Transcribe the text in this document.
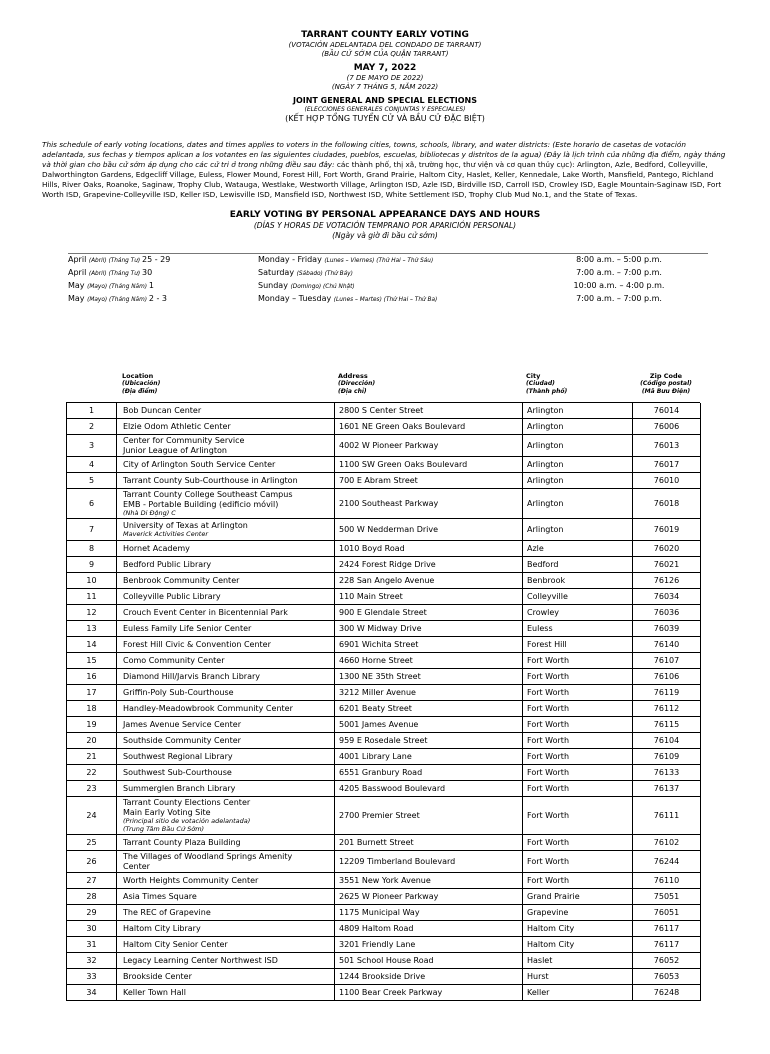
TARRANT COUNTY EARLY VOTING
(VOTACIÓN ADELANTADA DEL CONDADO DE TARRANT)
(BẦU CỬ SỚM CỦA QUẬN TARRANT)
MAY 7, 2022
(7 DE MAYO DE 2022)
(NGÀY 7 THÁNG 5, NĂM 2022)
JOINT GENERAL AND SPECIAL ELECTIONS
(ELECCIONES GENERALES CONJUNTAS Y ESPECIALES)
(KẾT HỢP TỔNG TUYỂN CỬ VÀ BẦU CỬ ĐẶC BIỆT)
This schedule of early voting locations, dates and times applies to voters in the following cities, towns, schools, library, and water districts: (Este horario de casetas de votación adelantada, sus fechas y tiempos aplican a los votantes en las siguientes ciudades, pueblos, escuelas, bibliotecas y distritos de la agua) (Đây là lịch trình của những địa điểm, ngày tháng và thời gian cho bầu cử sớm áp dụng cho các cử tri ở trong những điều sau đây: các thành phố, thị xã, trường học, thư viện và cơ quan thủy cục): Arlington, Azle, Bedford, Colleyville, Dalworthington Gardens, Edgecliff Village, Euless, Flower Mound, Forest Hill, Fort Worth, Grand Prairie, Haltom City, Haslet, Keller, Kennedale, Lake Worth, Mansfield, Pantego, Richland Hills, River Oaks, Roanoke, Saginaw, Trophy Club, Watauga, Westlake, Westworth Village, Arlington ISD, Azle ISD, Birdville ISD, Carroll ISD, Crowley ISD, Eagle Mountain-Saginaw ISD, Fort Worth ISD, Grapevine-Colleyville ISD, Keller ISD, Lewisville ISD, Mansfield ISD, Northwest ISD, White Settlement ISD, Trophy Club Mud No.1, and the State of Texas.
EARLY VOTING BY PERSONAL APPEARANCE DAYS AND HOURS
(DÍAS Y HORAS DE VOTACIÓN TEMPRANO POR APARICIÓN PERSONAL)
(Ngày và giờ đi bầu cử sớm)
April (Abril) (Tháng Tư) 25 - 29	Monday - Friday (Lunes – Viernes) (Thứ Hai – Thứ Sáu)	8:00 a.m. – 5:00 p.m.
April (Abril) (Tháng Tư) 30	Saturday (Sábado) (Thứ Bảy)	7:00 a.m. – 7:00 p.m.
May (Mayo) (Tháng Năm) 1	Sunday (Domingo) (Chủ Nhật)	10:00 a.m. – 4:00 p.m.
May (Mayo) (Tháng Năm) 2 - 3	Monday – Tuesday (Lunes – Martes) (Thứ Hai – Thứ Ba)	7:00 a.m. – 7:00 p.m.
Location
(Ubicación)
(Địa điểm)
Address
(Dirección)
(Địa chỉ)
City
(Ciudad)
(Thành phố)
Zip Code
(Código postal)
(Mã Bưu Điện)
1	Bob Duncan Center	2800 S Center Street	Arlington	76014
2	Elzie Odom Athletic Center	1601 NE Green Oaks Boulevard	Arlington	76006
3
Center for Community Service
Junior League of Arlington	4002 W Pioneer Parkway	Arlington	76013
4	City of Arlington South Service Center	1100 SW Green Oaks Boulevard	Arlington	76017
5	Tarrant County Sub-Courthouse in Arlington	700 E Abram Street	Arlington	76010
6
Tarrant County College Southeast Campus
EMB - Portable Building (edificio móvil)
(Nhà Di Động) C
2100 Southeast Parkway	Arlington	76018
7	University of Texas at Arlington
Maverick Activities Center
500 W Nedderman Drive	Arlington	76019
8	Hornet Academy	1010 Boyd Road	Azle	76020
9	Bedford Public Library	2424 Forest Ridge Drive	Bedford	76021
10	Benbrook Community Center	228 San Angelo Avenue	Benbrook	76126
11	Colleyville Public Library	110 Main Street	Colleyville	76034
12	Crouch Event Center in Bicentennial Park	900 E Glendale Street	Crowley	76036
13	Euless Family Life Senior Center	300 W Midway Drive	Euless	76039
14	Forest Hill Civic & Convention Center	6901 Wichita Street	Forest Hill	76140
15	Como Community Center	4660 Horne Street	Fort Worth	76107
16	Diamond Hill/Jarvis Branch Library	1300 NE 35th Street	Fort Worth	76106
17	Griffin-Poly Sub-Courthouse	3212 Miller Avenue	Fort Worth	76119
18	Handley-Meadowbrook Community Center	6201 Beaty Street	Fort Worth	76112
19	James Avenue Service Center	5001 James Avenue	Fort Worth	76115
20	Southside Community Center	959 E Rosedale Street	Fort Worth	76104
21	Southwest Regional Library	4001 Library Lane	Fort Worth	76109
22	Southwest Sub-Courthouse	6551 Granbury Road	Fort Worth	76133
23	Summerglen Branch Library	4205 Basswood Boulevard	Fort Worth	76137
24
Tarrant County Elections Center
Main Early Voting Site
(Principal sitio de votación adelantada)
(Trung Tâm Bầu Cử Sớm)
2700 Premier Street	Fort Worth	76111
25	Tarrant County Plaza Building	201 Burnett Street	Fort Worth	76102
26
The Villages of Woodland Springs Amenity
Center	12209 Timberland Boulevard	Fort Worth	76244
27	Worth Heights Community Center	3551 New York Avenue	Fort Worth	76110
28	Asia Times Square	2625 W Pioneer Parkway	Grand Prairie	75051
29	The REC of Grapevine	1175 Municipal Way	Grapevine	76051
30	Haltom City Library	4809 Haltom Road	Haltom City	76117
31	Haltom City Senior Center	3201 Friendly Lane	Haltom City	76117
32	Legacy Learning Center Northwest ISD	501 School House Road	Haslet	76052
33	Brookside Center	1244 Brookside Drive	Hurst	76053
34	Keller Town Hall	1100 Bear Creek Parkway	Keller	76248
